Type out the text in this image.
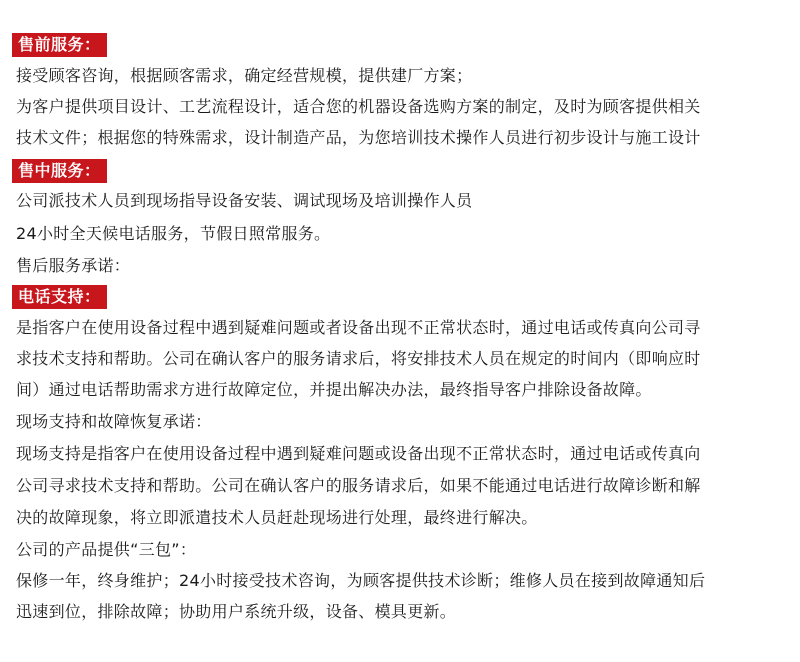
售前服务：
接受顾客咨询，根据顾客需求，确定经营规模，提供建厂方案；
为客户提供项目设计、工艺流程设计，适合您的机器设备选购方案的制定，及时为顾客提供相关
技术文件；根据您的特殊需求，设计制造产品，为您培训技术操作人员进行初步设计与施工设计
售中服务：
公司派技术人员到现场指导设备安装、调试现场及培训操作人员
24小时全天候电话服务，节假日照常服务。
售后服务承诺：
电话支持：
是指客户在使用设备过程中遇到疑难问题或者设备出现不正常状态时，通过电话或传真向公司寻
求技术支持和帮助。公司在确认客户的服务请求后，将安排技术人员在规定的时间内（即响应时
间）通过电话帮助需求方进行故障定位，并提出解决办法，最终指导客户排除设备故障。
现场支持和故障恢复承诺：
现场支持是指客户在使用设备过程中遇到疑难问题或设备出现不正常状态时，通过电话或传真向
公司寻求技术支持和帮助。公司在确认客户的服务请求后，如果不能通过电话进行故障诊断和解
决的故障现象，将立即派遣技术人员赶赴现场进行处理，最终进行解决。
公司的产品提供“三包”：
保修一年，终身维护；24小时接受技术咨询，为顾客提供技术诊断；维修人员在接到故障通知后
迅速到位，排除故障；协助用户系统升级，设备、模具更新。
